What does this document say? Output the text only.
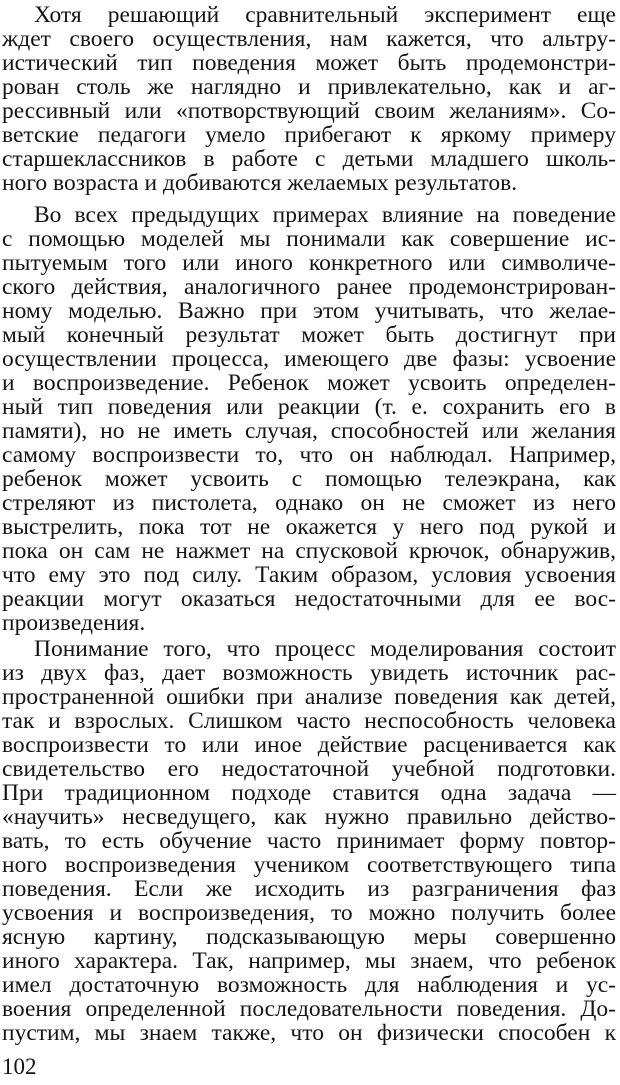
Хотя решающий сравнительный эксперимент еще
ждет своего осуществления, нам кажется, что альтру-
истический тип поведения может быть продемонстри-
рован столь же наглядно и привлекательно, как и аг-
рессивный или «потворствующий своим желаниям». Со-
ветские педагоги умело прибегают к яркому примеру
старшеклассников в работе с детьми младшего школь-
ного возраста и добиваются желаемых результатов.
Во всех предыдущих примерах влияние на поведение
с помощью моделей мы понимали как совершение ис-
пытуемым того или иного конкретного или символиче-
ского действия, аналогичного ранее продемонстрирован-
ному моделью. Важно при этом учитывать, что желае-
мый конечный результат может быть достигнут при
осуществлении процесса, имеющего две фазы: усвоение
и воспроизведение. Ребенок может усвоить определен-
ный тип поведения или реакции (т. е. сохранить его в
памяти), но не иметь случая, способностей или желания
самому воспроизвести то, что он наблюдал. Например,
ребенок может усвоить с помощью телеэкрана, как
стреляют из пистолета, однако он не сможет из него
выстрелить, пока тот не окажется у него под рукой и
пока он сам не нажмет на спусковой крючок, обнаружив,
что ему это под силу. Таким образом, условия усвоения
реакции могут оказаться недостаточными для ее вос-
произведения.
Понимание того, что процесс моделирования состоит
из двух фаз, дает возможность увидеть источник рас-
пространенной ошибки при анализе поведения как детей,
так и взрослых. Слишком часто неспособность человека
воспроизвести то или иное действие расценивается как
свидетельство его недостаточной учебной подготовки.
При традиционном подходе ставится одна задача —
«научить» несведущего, как нужно правильно действо-
вать, то есть обучение часто принимает форму повтор-
ного воспроизведения учеником соответствующего типа
поведения. Если же исходить из разграничения фаз
усвоения и воспроизведения, то можно получить более
ясную картину, подсказывающую меры совершенно
иного характера. Так, например, мы знаем, что ребенок
имел достаточную возможность для наблюдения и ус-
воения определенной последовательности поведения. До-
пустим, мы знаем также, что он физически способен к
102
